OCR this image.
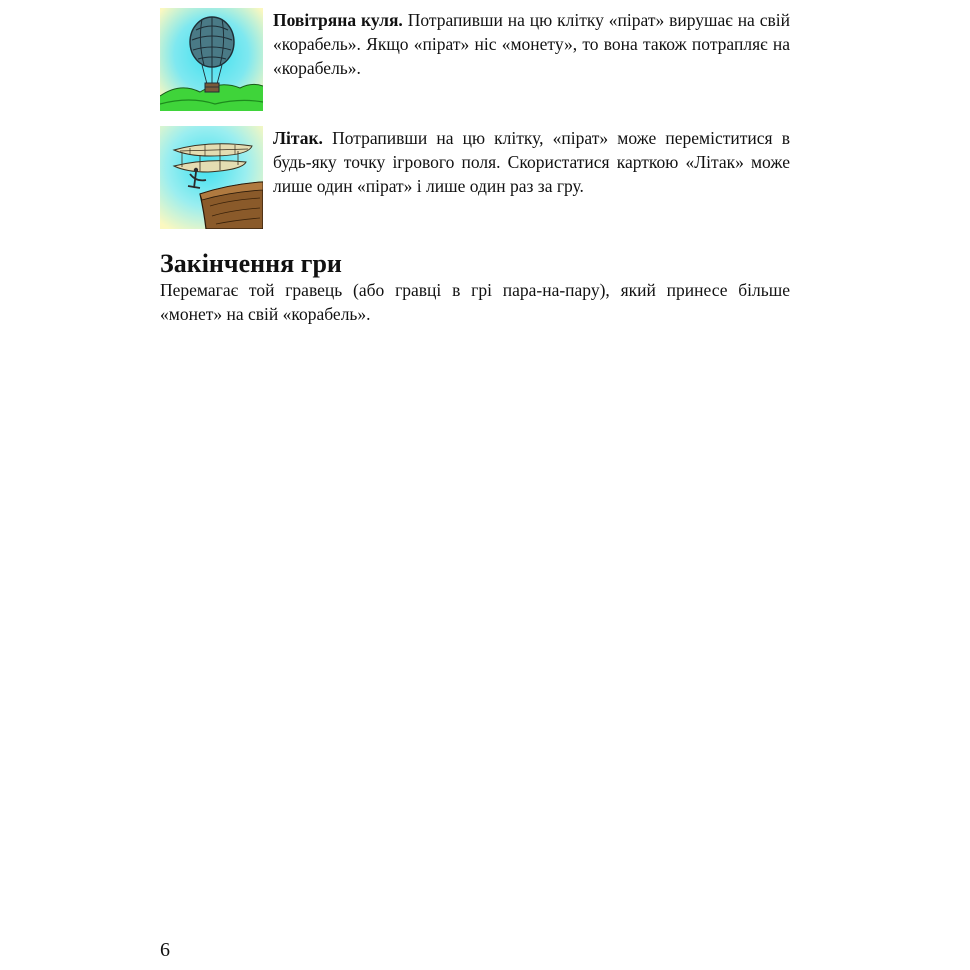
Повітряна куля. Потрапивши на цю клітку «пірат» вирушає на свій «корабель». Якщо «пірат» ніс «монету», то вона також потрапляє на «корабель».
Літак. Потрапивши на цю клітку, «пірат» може переміститися в будь-яку точку ігрового поля. Скористатися карткою «Літак» може лише один «пірат» і лише один раз за гру.
Закінчення гри

Перемагає той гравець (або гравці в грі пара-на-пару), який принесе більше «монет» на свій «корабель».

6
